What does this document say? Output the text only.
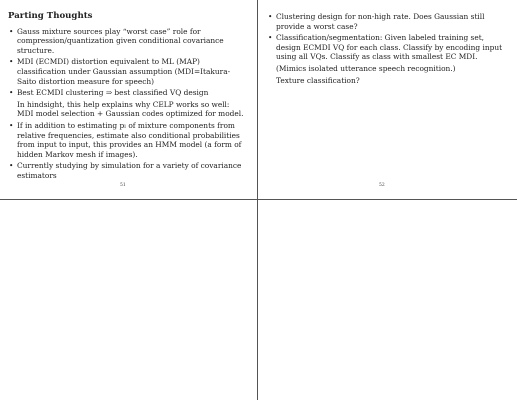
Parting Thoughts
• Gauss mixture sources play “worst case” role for compression/quantization given conditional covariance structure.
• MDI (ECMDI) distortion equivalent to ML (MAP) classification under Gaussian assumption (MDI=Itakura-Saito distortion measure for speech)
• Best ECMDI clustering ⇒ best classified VQ design
In hindsight, this help explains why CELP works so well: MDI model selection + Gaussian codes optimized for model.
• If in addition to estimating pₗ of mixture components from relative frequencies, estimate also conditional probabilities from input to input, this provides an HMM model (a form of hidden Markov mesh if images).
• Currently studying by simulation for a variety of covariance estimators
51
• Clustering design for non-high rate. Does Gaussian still provide a worst case?
• Classification/segmentation: Given labeled training set, design ECMDI VQ for each class. Classify by encoding input using all VQs. Classify as class with smallest EC MDI.
(Mimics isolated utterance speech recognition.)
Texture classification?
52
